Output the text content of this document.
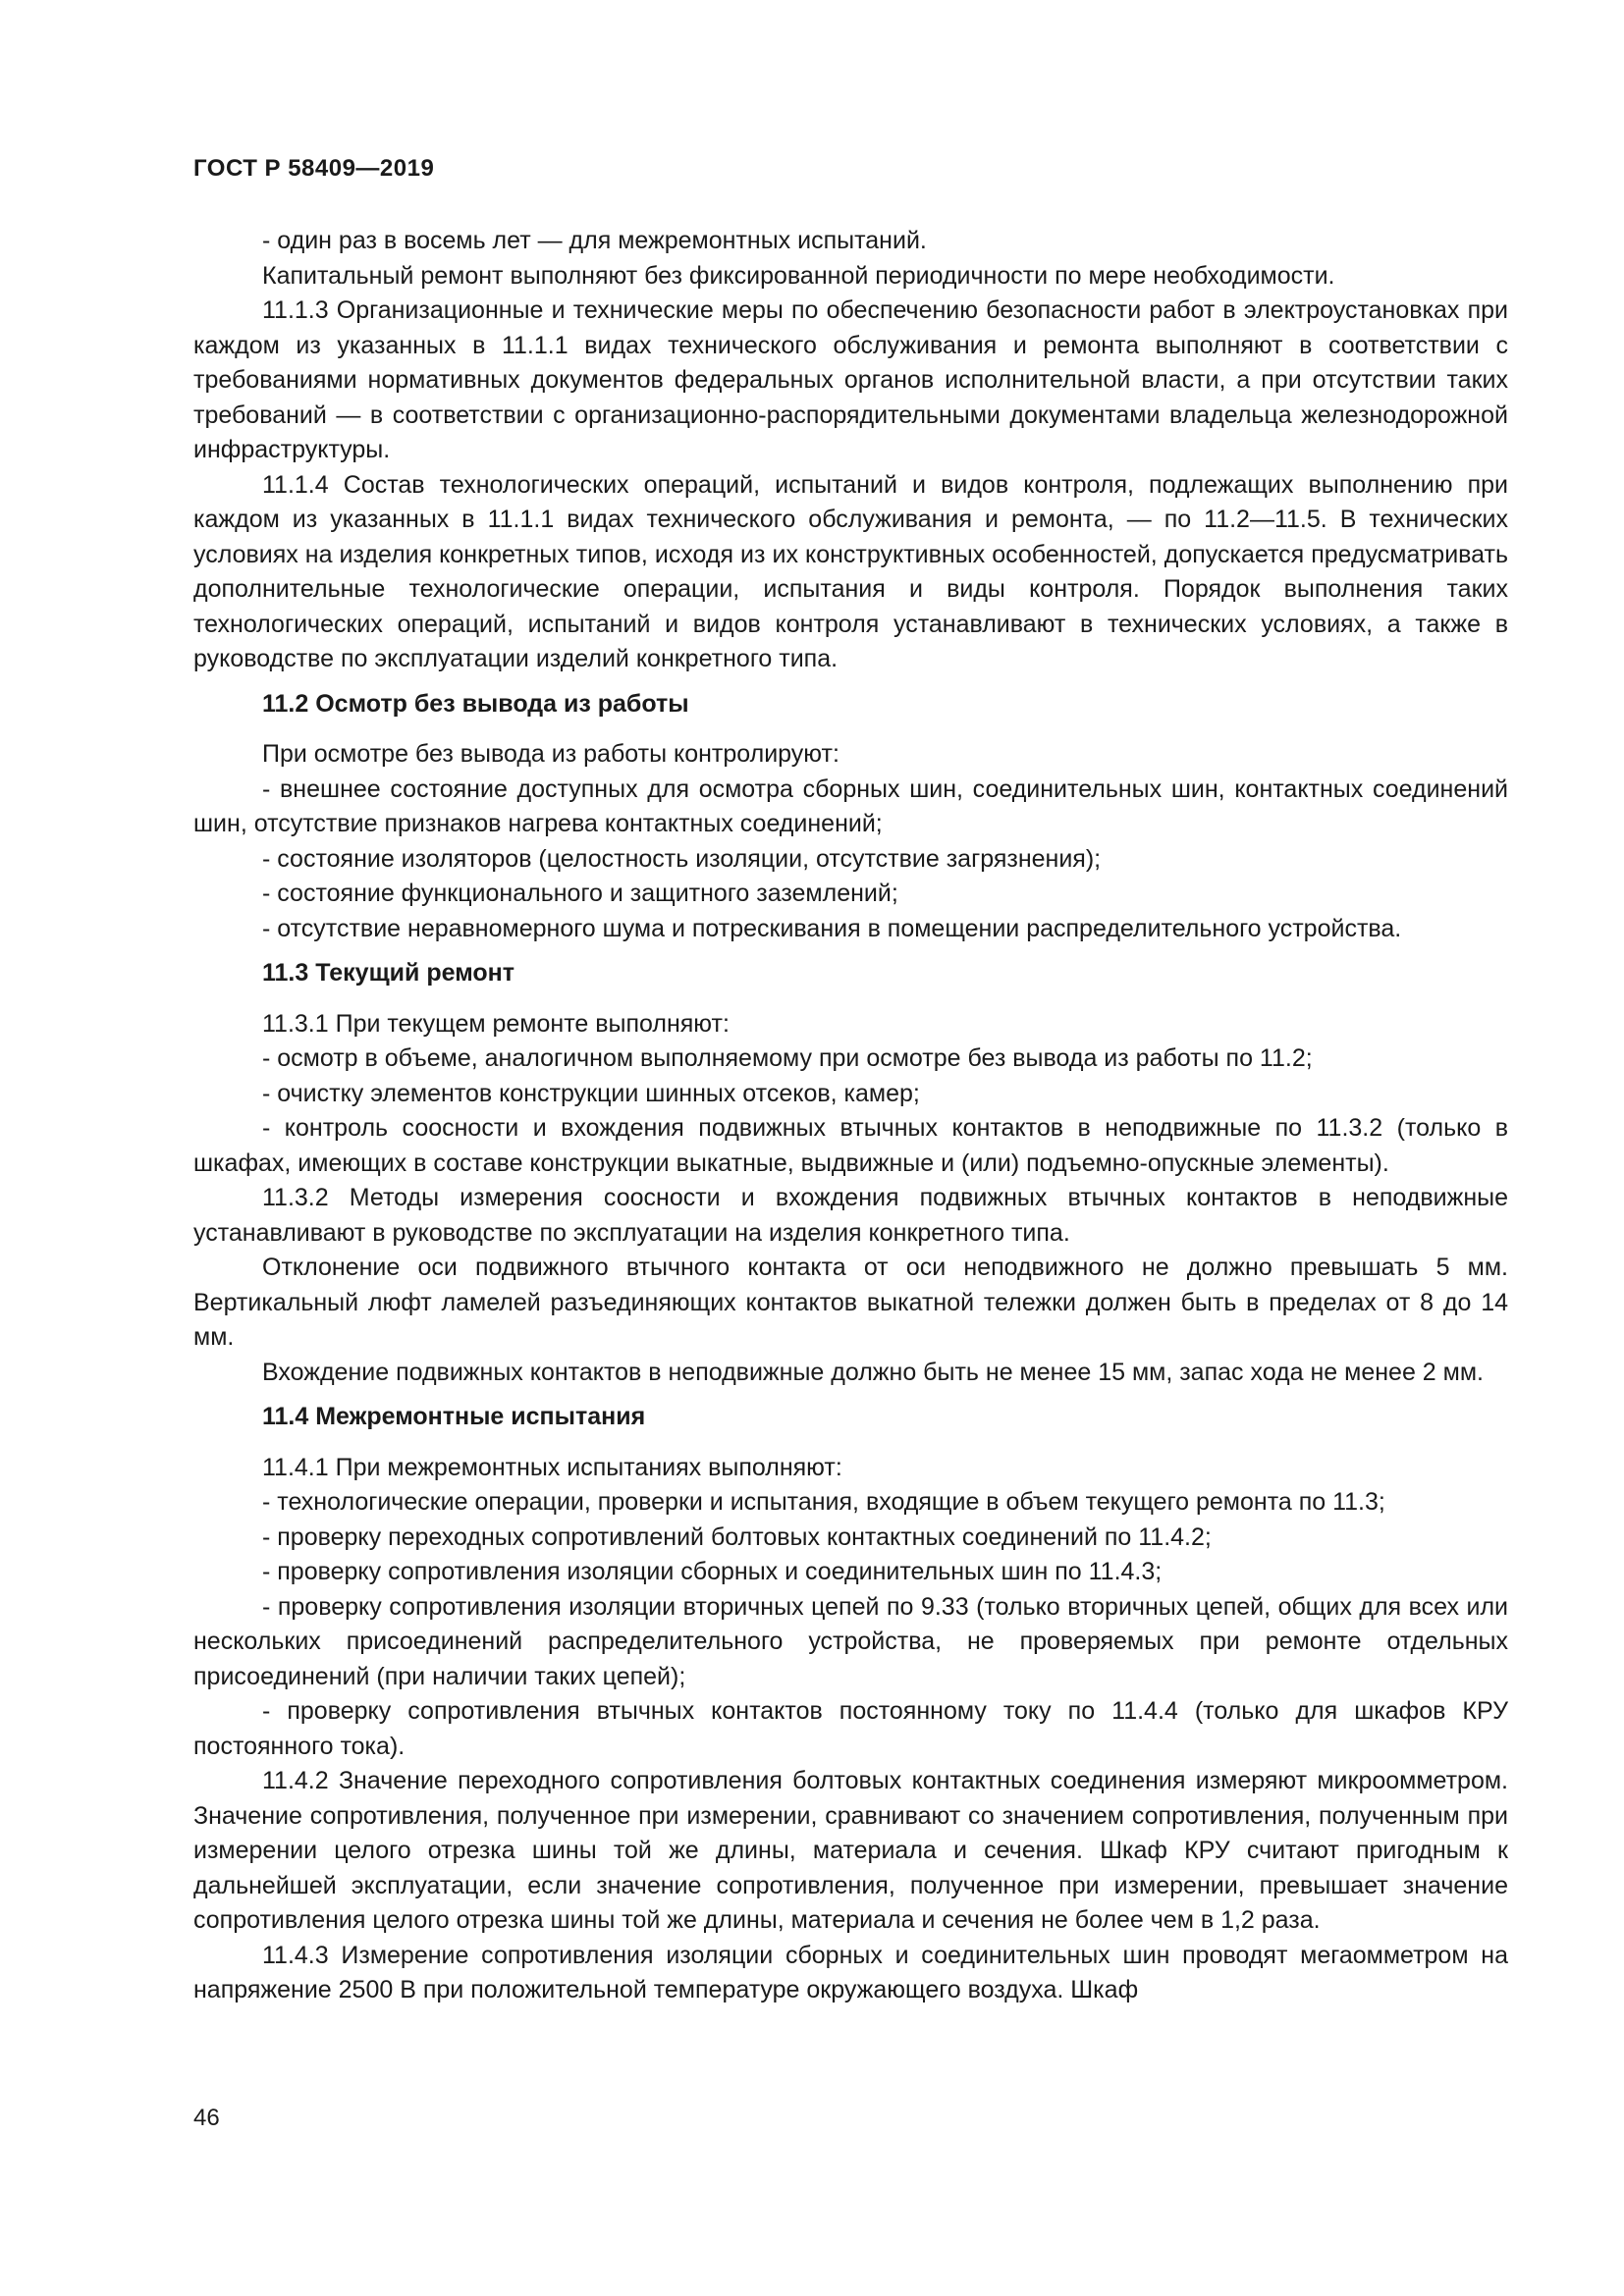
ГОСТ Р 58409—2019

- один раз в восемь лет — для межремонтных испытаний.

Капитальный ремонт выполняют без фиксированной периодичности по мере необходимости.

11.1.3 Организационные и технические меры по обеспечению безопасности работ в электроустановках при каждом из указанных в 11.1.1 видах технического обслуживания и ремонта выполняют в соответствии с требованиями нормативных документов федеральных органов исполнительной власти, а при отсутствии таких требований — в соответствии с организационно-распорядительными документами владельца железнодорожной инфраструктуры.

11.1.4 Состав технологических операций, испытаний и видов контроля, подлежащих выполнению при каждом из указанных в 11.1.1 видах технического обслуживания и ремонта, — по 11.2—11.5. В технических условиях на изделия конкретных типов, исходя из их конструктивных особенностей, допускается предусматривать дополнительные технологические операции, испытания и виды контроля. Порядок выполнения таких технологических операций, испытаний и видов контроля устанавливают в технических условиях, а также в руководстве по эксплуатации изделий конкретного типа.

11.2 Осмотр без вывода из работы

При осмотре без вывода из работы контролируют:

- внешнее состояние доступных для осмотра сборных шин, соединительных шин, контактных соединений шин, отсутствие признаков нагрева контактных соединений;

- состояние изоляторов (целостность изоляции, отсутствие загрязнения);

- состояние функционального и защитного заземлений;

- отсутствие неравномерного шума и потрескивания в помещении распределительного устройства.

11.3 Текущий ремонт

11.3.1 При текущем ремонте выполняют:

- осмотр в объеме, аналогичном выполняемому при осмотре без вывода из работы по 11.2;

- очистку элементов конструкции шинных отсеков, камер;

- контроль соосности и вхождения подвижных втычных контактов в неподвижные по 11.3.2 (только в шкафах, имеющих в составе конструкции выкатные, выдвижные и (или) подъемно-опускные элементы).

11.3.2 Методы измерения соосности и вхождения подвижных втычных контактов в неподвижные устанавливают в руководстве по эксплуатации на изделия конкретного типа.

Отклонение оси подвижного втычного контакта от оси неподвижного не должно превышать 5 мм. Вертикальный люфт ламелей разъединяющих контактов выкатной тележки должен быть в пределах от 8 до 14 мм.

Вхождение подвижных контактов в неподвижные должно быть не менее 15 мм, запас хода не менее 2 мм.

11.4 Межремонтные испытания

11.4.1 При межремонтных испытаниях выполняют:

- технологические операции, проверки и испытания, входящие в объем текущего ремонта по 11.3;

- проверку переходных сопротивлений болтовых контактных соединений по 11.4.2;

- проверку сопротивления изоляции сборных и соединительных шин по 11.4.3;

- проверку сопротивления изоляции вторичных цепей по 9.33 (только вторичных цепей, общих для всех или нескольких присоединений распределительного устройства, не проверяемых при ремонте отдельных присоединений (при наличии таких цепей);

- проверку сопротивления втычных контактов постоянному току по 11.4.4 (только для шкафов КРУ постоянного тока).

11.4.2 Значение переходного сопротивления болтовых контактных соединения измеряют микроомметром. Значение сопротивления, полученное при измерении, сравнивают со значением сопротивления, полученным при измерении целого отрезка шины той же длины, материала и сечения. Шкаф КРУ считают пригодным к дальнейшей эксплуатации, если значение сопротивления, полученное при измерении, превышает значение сопротивления целого отрезка шины той же длины, материала и сечения не более чем в 1,2 раза.

11.4.3 Измерение сопротивления изоляции сборных и соединительных шин проводят мегаомметром на напряжение 2500 В при положительной температуре окружающего воздуха. Шкаф

46
